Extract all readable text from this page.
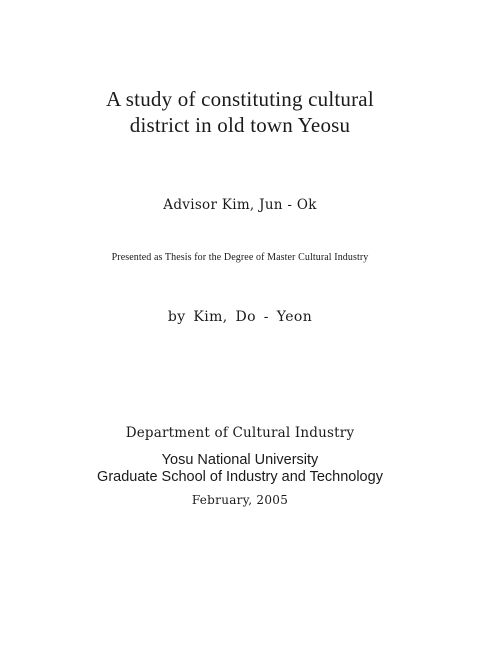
A study of constituting cultural
district in old town Yeosu
Advisor Kim, Jun - Ok
Presented as Thesis for the Degree of Master Cultural Industry
by Kim, Do - Yeon
Department of Cultural Industry
Yosu National University
Graduate School of Industry and Technology
February, 2005
